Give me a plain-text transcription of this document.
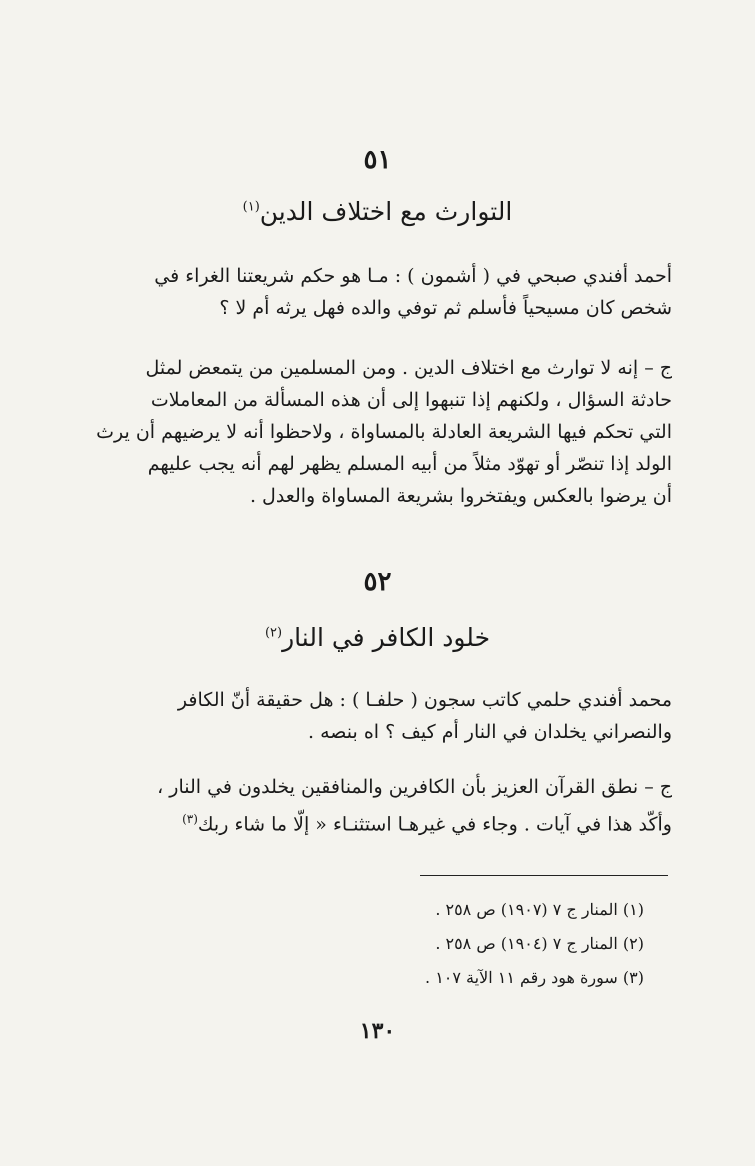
٥١
التوارث مع اختلاف الدين$^{(١)}$
أحمد أفندي صبحي في ( أشمون ) : مـا هو حكم شريعتنا الغراء في
شخص كان مسيحياً فأسلم ثم توفي والده فهل يرثه أم لا ؟
ج – إنه لا توارث مع اختلاف الدين . ومن المسلمين من يتمعض لمثل
حادثة السؤال ، ولكنهم إذا تنبهوا إلى أن هذه المسألة من المعاملات
التي تحكم فيها الشريعة العادلة بالمساواة ، ولاحظوا أنه لا يرضيهم أن يرث
الولد إذا تنصّر أو تهوّد مثلاً من أبيه المسلم يظهر لهم أنه يجب عليهم
أن يرضوا بالعكس ويفتخروا بشريعة المساواة والعدل .
٥٢
خلود الكافر في النار$^{(٢)}$
محمد أفندي حلمي كاتب سجون ( حلفـا ) : هل حقيقة أنّ الكافر
والنصراني يخلدان في النار أم كيف ؟ اه بنصه .
ج – نطق القرآن العزيز بأن الكافرين والمنافقين يخلدون في النار ،
وأكّد هذا في آيات . وجاء في غيرهـا استثنـاء « إلّا ما شاء ربك$^{(٣)}$
(١) المنار ج ٧ (١٩٠٧) ص ٢٥٨ .
(٢) المنار ج ٧ (١٩٠٤) ص ٢٥٨ .
(٣) سورة هود رقم ١١ الآية ١٠٧ .
١٣٠
